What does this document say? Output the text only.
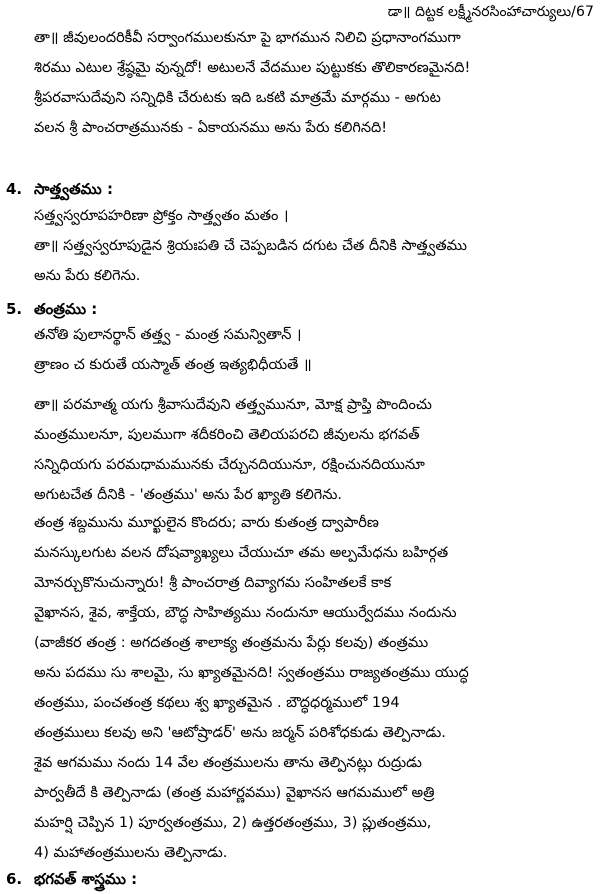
డా॥ దిట్టక లక్ష్మీనరసింహాచార్యులు/67
తా॥ జీవులందరికీవీ సర్వాంగములకునూ పై భాగమున నిలిచి ప్రధానాంగముగా
శిరము ఎటుల శ్రేష్ఠమై వున్నదో! అటులనే వేదముల పుట్టుకకు తొలికారణమైనది!
శ్రీపరవాసుదేవుని సన్నిధికి చేరుటకు ఇది ఒకటి మాత్రమే మార్గము - అగుట
వలన శ్రీ పాంచరాత్రమునకు - ఏకాయనము అను పేరు కలిగినది!
4. సాత్త్వతము :
సత్త్వస్వరూపహరిణా ప్రోక్తం సాత్త్వతం మతం ।
తా॥ సత్త్వస్వరూపుడైన శ్రియఃపతి చే చెప్పబడిన దగుట చేత దీనికి సాత్త్వతము
అను పేరు కలిగెను.
5. తంత్రము :
తనోతి పులానర్థాన్ తత్త్వ - మంత్ర సమన్వితాన్ ।
త్రాణం చ కురుతే యస్మాత్ తంత్ర ఇత్యభిధీయతే ॥
తా॥ పరమాత్మ యగు శ్రీవాసుదేవుని తత్త్వమునూ, మోక్ష ప్రాప్తి పొందించు
మంత్రములనూ, పులముగా శదీకరించి తెలియపరచి జీవులను భగవత్
సన్నిధియగు పరమధామమునకు చేర్చునదియునూ, రక్షించునదియునూ
అగుటచేత దీనికి - 'తంత్రము' అను పేర ఖ్యాతి కలిగెను.
తంత్ర శబ్దమును మూర్ఖులైన కొందరు; వారు కుతంత్ర ద్వాపారీణ
మనస్కులగుట వలన దోషవ్యాఖ్యలు చేయుచూ తమ అల్పమేధను బహిర్గత
మోనర్చుకొనుచున్నారు! శ్రీ పాంచరాత్ర దివ్యాగమ సంహితలకే కాక
వైఖానస, శైవ, శాక్తేయ, బౌద్ధ సాహిత్యము నందునూ ఆయుర్వేదము నందును
(వాజీకర తంత్ర : అగదతంత్ర శాలాక్య తంత్రమను పేర్లు కలవు) తంత్రము
అను పదము సు శాలమై, సు ఖ్యాతమైనది! స్వతంత్రము రాజ్యతంత్రము యుద్ధ
తంత్రము, పంచతంత్ర కథలు శ్వ ఖ్యాతమైన . బౌద్ధధర్మములో 194
తంత్రములు కలవు అని 'ఆటోష్రాడర్' అను జర్మన్ పరిశోధకుడు తెల్పినాడు.
శైవ ఆగమము నందు 14 వేల తంత్రములను తాను తెల్పినట్లు రుద్రుడు
పార్వతీదే కి తెల్పినాడు (తంత్ర మహార్ణవము) వైఖానస ఆగమములో అత్రి
మహర్షి చెప్పిన 1) పూర్వతంత్రము, 2) ఉత్తరతంత్రము, 3) ప్లుతంత్రము,
4) మహాతంత్రములను తెల్పినాడు.
6. భగవత్ శాస్త్రము :
